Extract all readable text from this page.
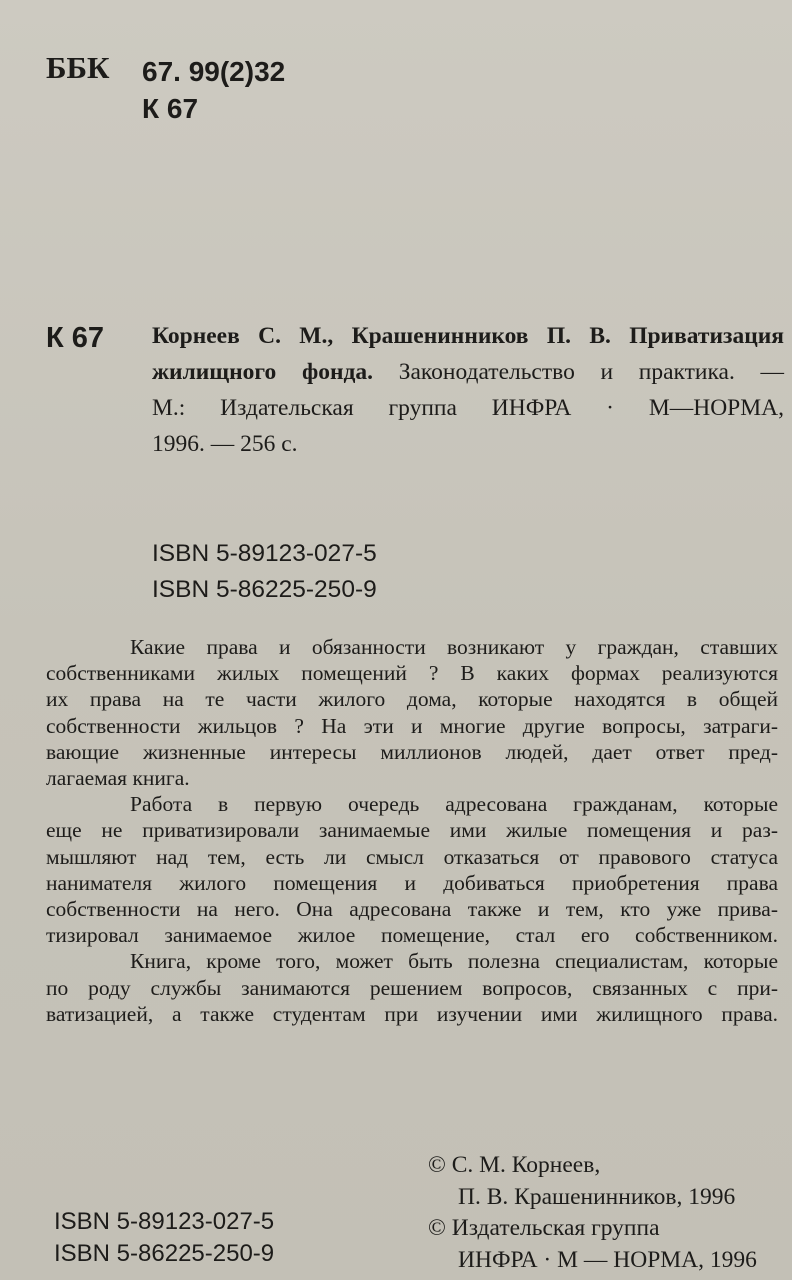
ББК 67. 99(2)32
К 67
К 67 Корнеев С. М., Крашенинников П. В. Приватизация
жилищного фонда. Законодательство и практика. —
М.: Издательская группа ИНФРА · М—НОРМА,
1996. — 256 с.
ISBN 5-89123-027-5
ISBN 5-86225-250-9

Какие права и обязанности возникают у граждан, ставших
собственниками жилых помещений ? В каких формах реализуются
их права на те части жилого дома, которые находятся в общей
собственности жильцов ? На эти и многие другие вопросы, затраги-
вающие жизненные интересы миллионов людей, дает ответ пред-
лагаемая книга.

Работа в первую очередь адресована гражданам, которые
еще не приватизировали занимаемые ими жилые помещения и раз-
мышляют над тем, есть ли смысл отказаться от правового статуса
нанимателя жилого помещения и добиваться приобретения права
собственности на него. Она адресована также и тем, кто уже прива-
тизировал занимаемое жилое помещение, стал его собственником.

Книга, кроме того, может быть полезна специалистам, которые
по роду службы занимаются решением вопросов, связанных с при-
ватизацией, а также студентам при изучении ими жилищного права.

© С. М. Корнеев,
П. В. Крашенинников, 1996
© Издательская группа
ИНФРА · М — НОРМА, 1996
ISBN 5-89123-027-5
ISBN 5-86225-250-9
